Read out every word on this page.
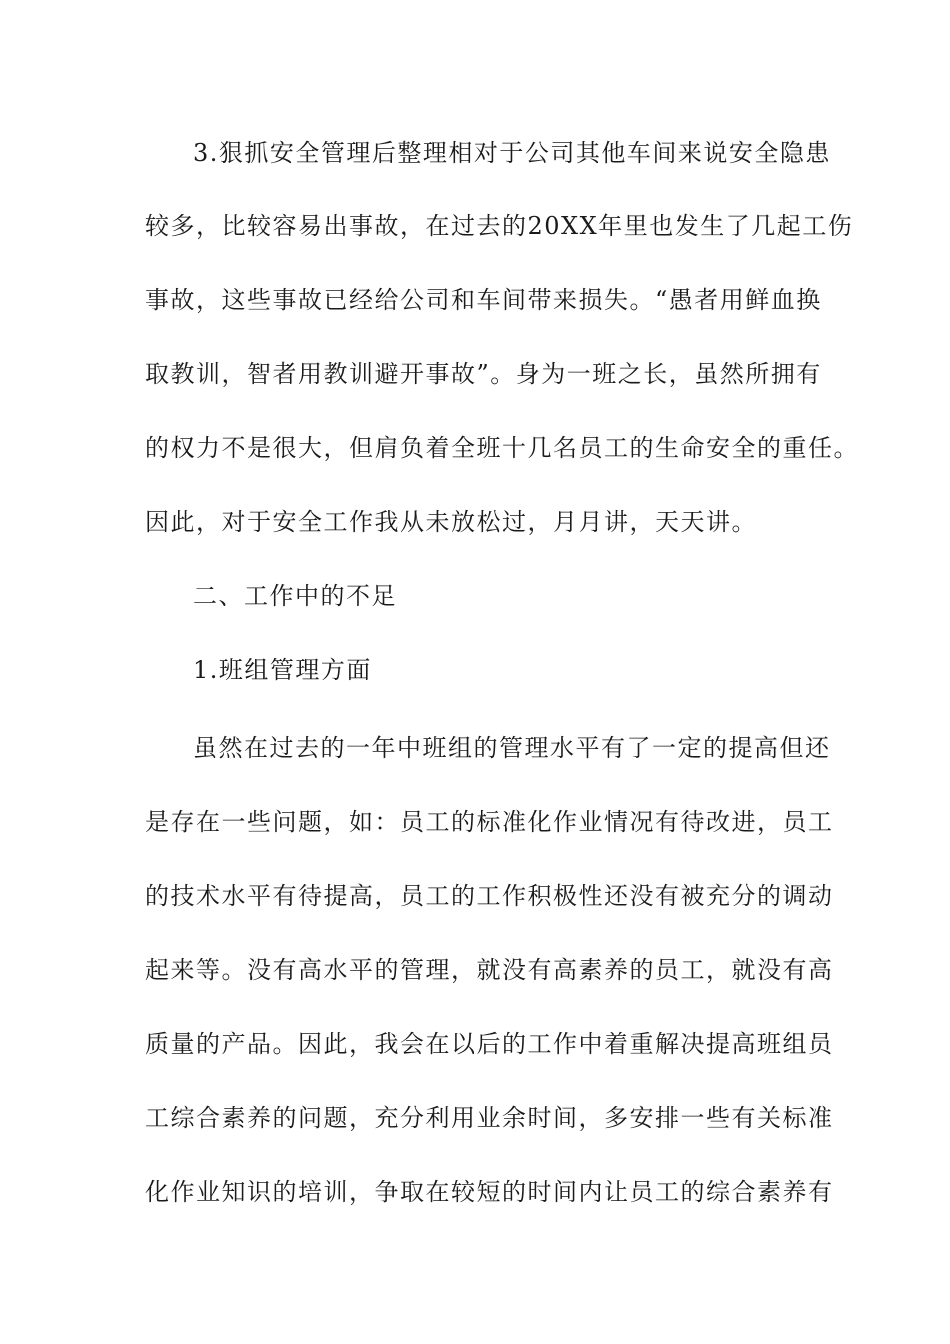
3.狠抓安全管理后整理相对于公司其他车间来说安全隐患
较多，比较容易出事故，在过去的20XX年里也发生了几起工伤
事故，这些事故已经给公司和车间带来损失。“愚者用鲜血换
取教训，智者用教训避开事故”。身为一班之长，虽然所拥有
的权力不是很大，但肩负着全班十几名员工的生命安全的重任。
因此，对于安全工作我从未放松过，月月讲，天天讲。
二、工作中的不足
1.班组管理方面
虽然在过去的一年中班组的管理水平有了一定的提高但还
是存在一些问题，如：员工的标准化作业情况有待改进，员工
的技术水平有待提高，员工的工作积极性还没有被充分的调动
起来等。没有高水平的管理，就没有高素养的员工，就没有高
质量的产品。因此，我会在以后的工作中着重解决提高班组员
工综合素养的问题，充分利用业余时间，多安排一些有关标准
化作业知识的培训，争取在较短的时间内让员工的综合素养有
